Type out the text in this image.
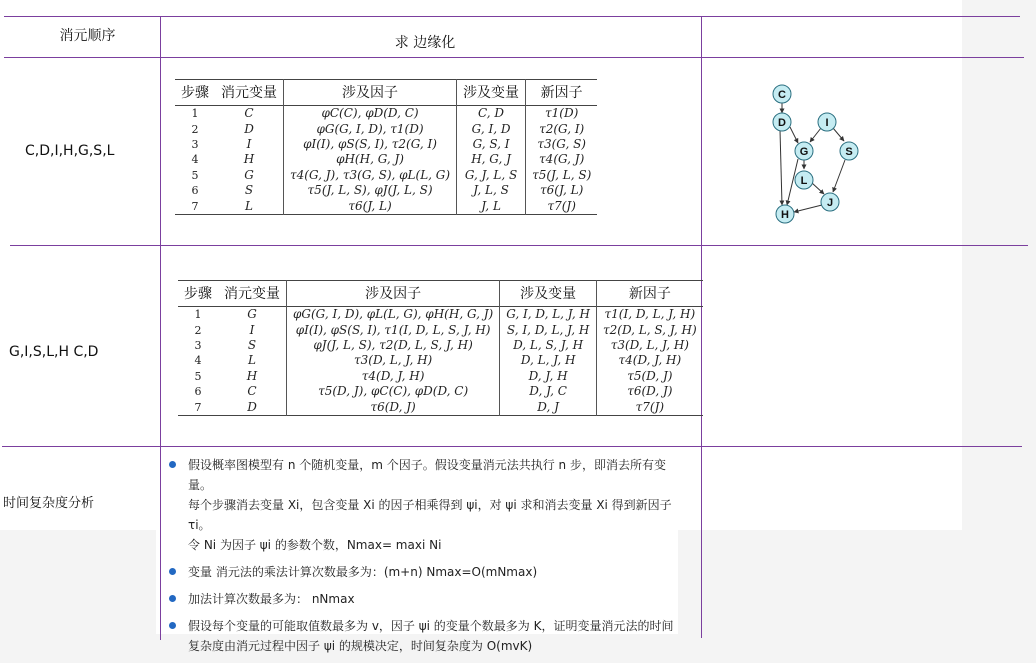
消元顺序	求 边缘化
C,D,I,H,G,S,L
步骤	消元变量	涉及因子	涉及变量	新因子
1	C	φC(C), φD(D, C)	C, D	τ1(D)
2	D	φG(G, I, D), τ1(D)	G, I, D	τ2(G, I)
3	I	φI(I), φS(S, I), τ2(G, I)	G, S, I	τ3(G, S)
4	H	φH(H, G, J)	H, G, J	τ4(G, J)
5	G	τ4(G, J), τ3(G, S), φL(L, G)	G, J, L, S	τ5(J, L, S)
6	S	τ5(J, L, S), φJ(J, L, S)	J, L, S	τ6(J, L)
7	L	τ6(J, L)	J, L	τ7(J)
C
D	I
G	S
L
J
H
G,I,S,L,H C,D
步骤	消元变量	涉及因子	涉及变量	新因子
1	G	φG(G, I, D), φL(L, G), φH(H, G, J)	G, I, D, L, J, H	τ1(I, D, L, J, H)
2	I	φI(I), φS(S, I), τ1(I, D, L, S, J, H)	S, I, D, L, J, H	τ2(D, L, S, J, H)
3	S	φJ(J, L, S), τ2(D, L, S, J, H)	D, L, S, J, H	τ3(D, L, J, H)
4	L	τ3(D, L, J, H)	D, L, J, H	τ4(D, J, H)
5	H	τ4(D, J, H)	D, J, H	τ5(D, J)
6	C	τ5(D, J), φC(C), φD(D, C)	D, J, C	τ6(D, J)
7	D	τ6(D, J)	D, J	τ7(J)
时间复杂度分析
假设概率图模型有 n 个随机变量，m 个因子。假设变量消元法共执行 n 步，即消去所有变量。
每个步骤消去变量 Xi，包含变量 Xi 的因子相乘得到 ψi，对 ψi 求和消去变量 Xi 得到新因子 τi。
令 Ni 为因子 ψi 的参数个数，Nmax= maxi Ni
变量 消元法的乘法计算次数最多为：(m+n) Nmax=O(mNmax)
加法计算次数最多为： nNmax
假设每个变量的可能取值数最多为 v，因子 ψi 的变量个数最多为 K，证明变量消元法的时间
复杂度由消元过程中因子 ψi 的规模决定，时间复杂度为 O(mvK)
